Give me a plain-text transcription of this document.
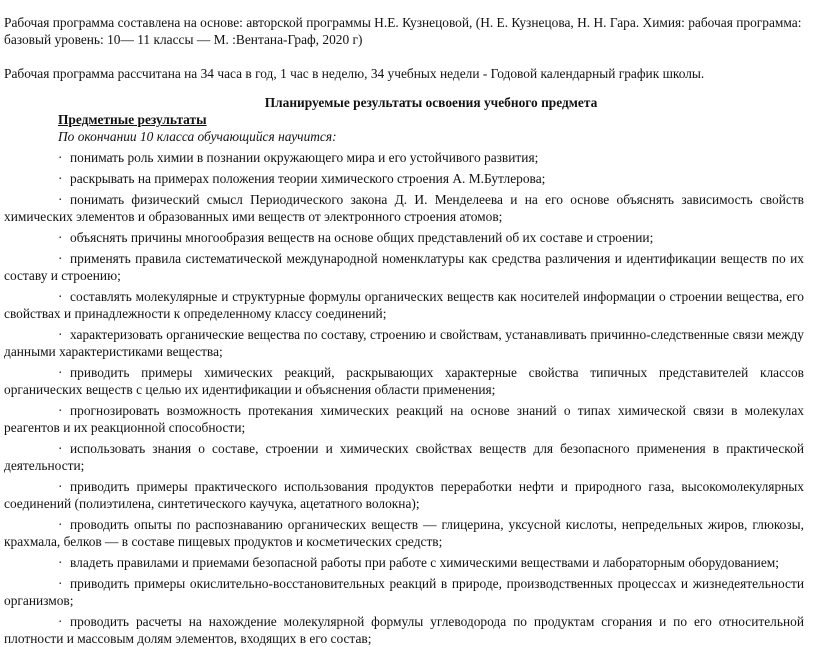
Рабочая программа составлена на основе: авторской программы Н.Е. Кузнецовой, (Н. Е. Кузнецова, Н. Н. Гара. Химия: рабочая программа: базовый уровень: 10— 11 классы — М. :Вентана-Граф, 2020 г)

Рабочая программа рассчитана на 34 часа в год, 1 час в неделю, 34 учебных недели - Годовой календарный график школы.

Планируемые результаты освоения учебного предмета

Предметные результаты

По окончании 10 класса обучающийся научится:

· понимать роль химии в познании окружающего мира и его устойчивого развития;
· раскрывать на примерах положения теории химического строения А. М.Бутлерова;
· понимать физический смысл Периодического закона Д. И. Менделеева и на его основе объяснять зависимость свойств химических элементов и образованных ими веществ от электронного строения атомов;
· объяснять причины многообразия веществ на основе общих представлений об их составе и строении;
· применять правила систематической международной номенклатуры как средства различения и идентификации веществ по их составу и строению;
· составлять молекулярные и структурные формулы органических веществ как носителей информации о строении вещества, его свойствах и принадлежности к определенному классу соединений;
· характеризовать органические вещества по составу, строению и свойствам, устанавливать причинно-следственные связи между данными характеристиками вещества;
· приводить примеры химических реакций, раскрывающих характерные свойства типичных представителей классов органических веществ с целью их идентификации и объяснения области применения;
· прогнозировать возможность протекания химических реакций на основе знаний о типах химической связи в молекулах реагентов и их реакционной способности;
· использовать знания о составе, строении и химических свойствах веществ для безопасного применения в практической деятельности;
· приводить примеры практического использования продуктов переработки нефти и природного газа, высокомолекулярных соединений (полиэтилена, синтетического каучука, ацетатного волокна);
· проводить опыты по распознаванию органических веществ — глицерина, уксусной кислоты, непредельных жиров, глюкозы, крахмала, белков — в составе пищевых продуктов и косметических средств;
· владеть правилами и приемами безопасной работы при работе с химическими веществами и лабораторным оборудованием;
· приводить примеры окислительно-восстановительных реакций в природе, производственных процессах и жизнедеятельности организмов;
· проводить расчеты на нахождение молекулярной формулы углеводорода по продуктам сгорания и по его относительной плотности и массовым долям элементов, входящих в его состав;
